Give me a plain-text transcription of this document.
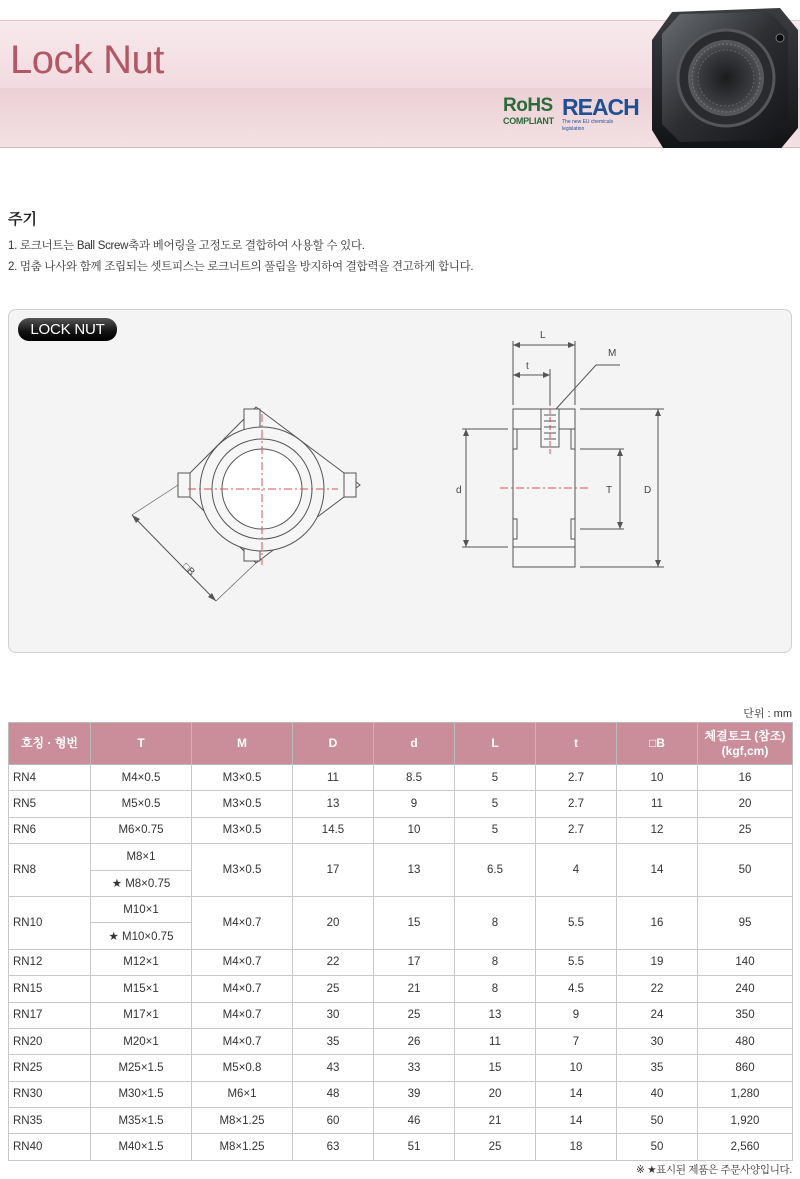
Lock Nut
RoHS
COMPLIANT
REACH
The new EU chemicals legislation
주기
1. 로크너트는 Ball Screw축과 베어링을 고정도로 결합하여 사용할 수 있다.
2. 멈춤 나사와 함께 조립되는 셋트피스는 로크너트의 풀림을 방지하여 결합력을 견고하게 합니다.
□B
L
t
M
d	T	D
LOCK NUT
단위 : mm
호칭 · 형번	T	M	D	d	L	t	□B	체결토크 (참조)
(kgf,cm)
RN4	M4×0.5	M3×0.5	11	8.5	5	2.7	10	16
RN5	M5×0.5	M3×0.5	13	9	5	2.7	11	20
RN6	M6×0.75	M3×0.5	14.5	10	5	2.7	12	25
RN8	M8×1	M3×0.5	17	13	6.5	4	14	50
	★ M8×0.75							
RN10	M10×1	M4×0.7	20	15	8	5.5	16	95
	★ M10×0.75							
RN12	M12×1	M4×0.7	22	17	8	5.5	19	140
RN15	M15×1	M4×0.7	25	21	8	4.5	22	240
RN17	M17×1	M4×0.7	30	25	13	9	24	350
RN20	M20×1	M4×0.7	35	26	11	7	30	480
RN25	M25×1.5	M5×0.8	43	33	15	10	35	860
RN30	M30×1.5	M6×1	48	39	20	14	40	1,280
RN35	M35×1.5	M8×1.25	60	46	21	14	50	1,920
RN40	M40×1.5	M8×1.25	63	51	25	18	50	2,560
※ ★표시된 제품은 주문사양입니다.
